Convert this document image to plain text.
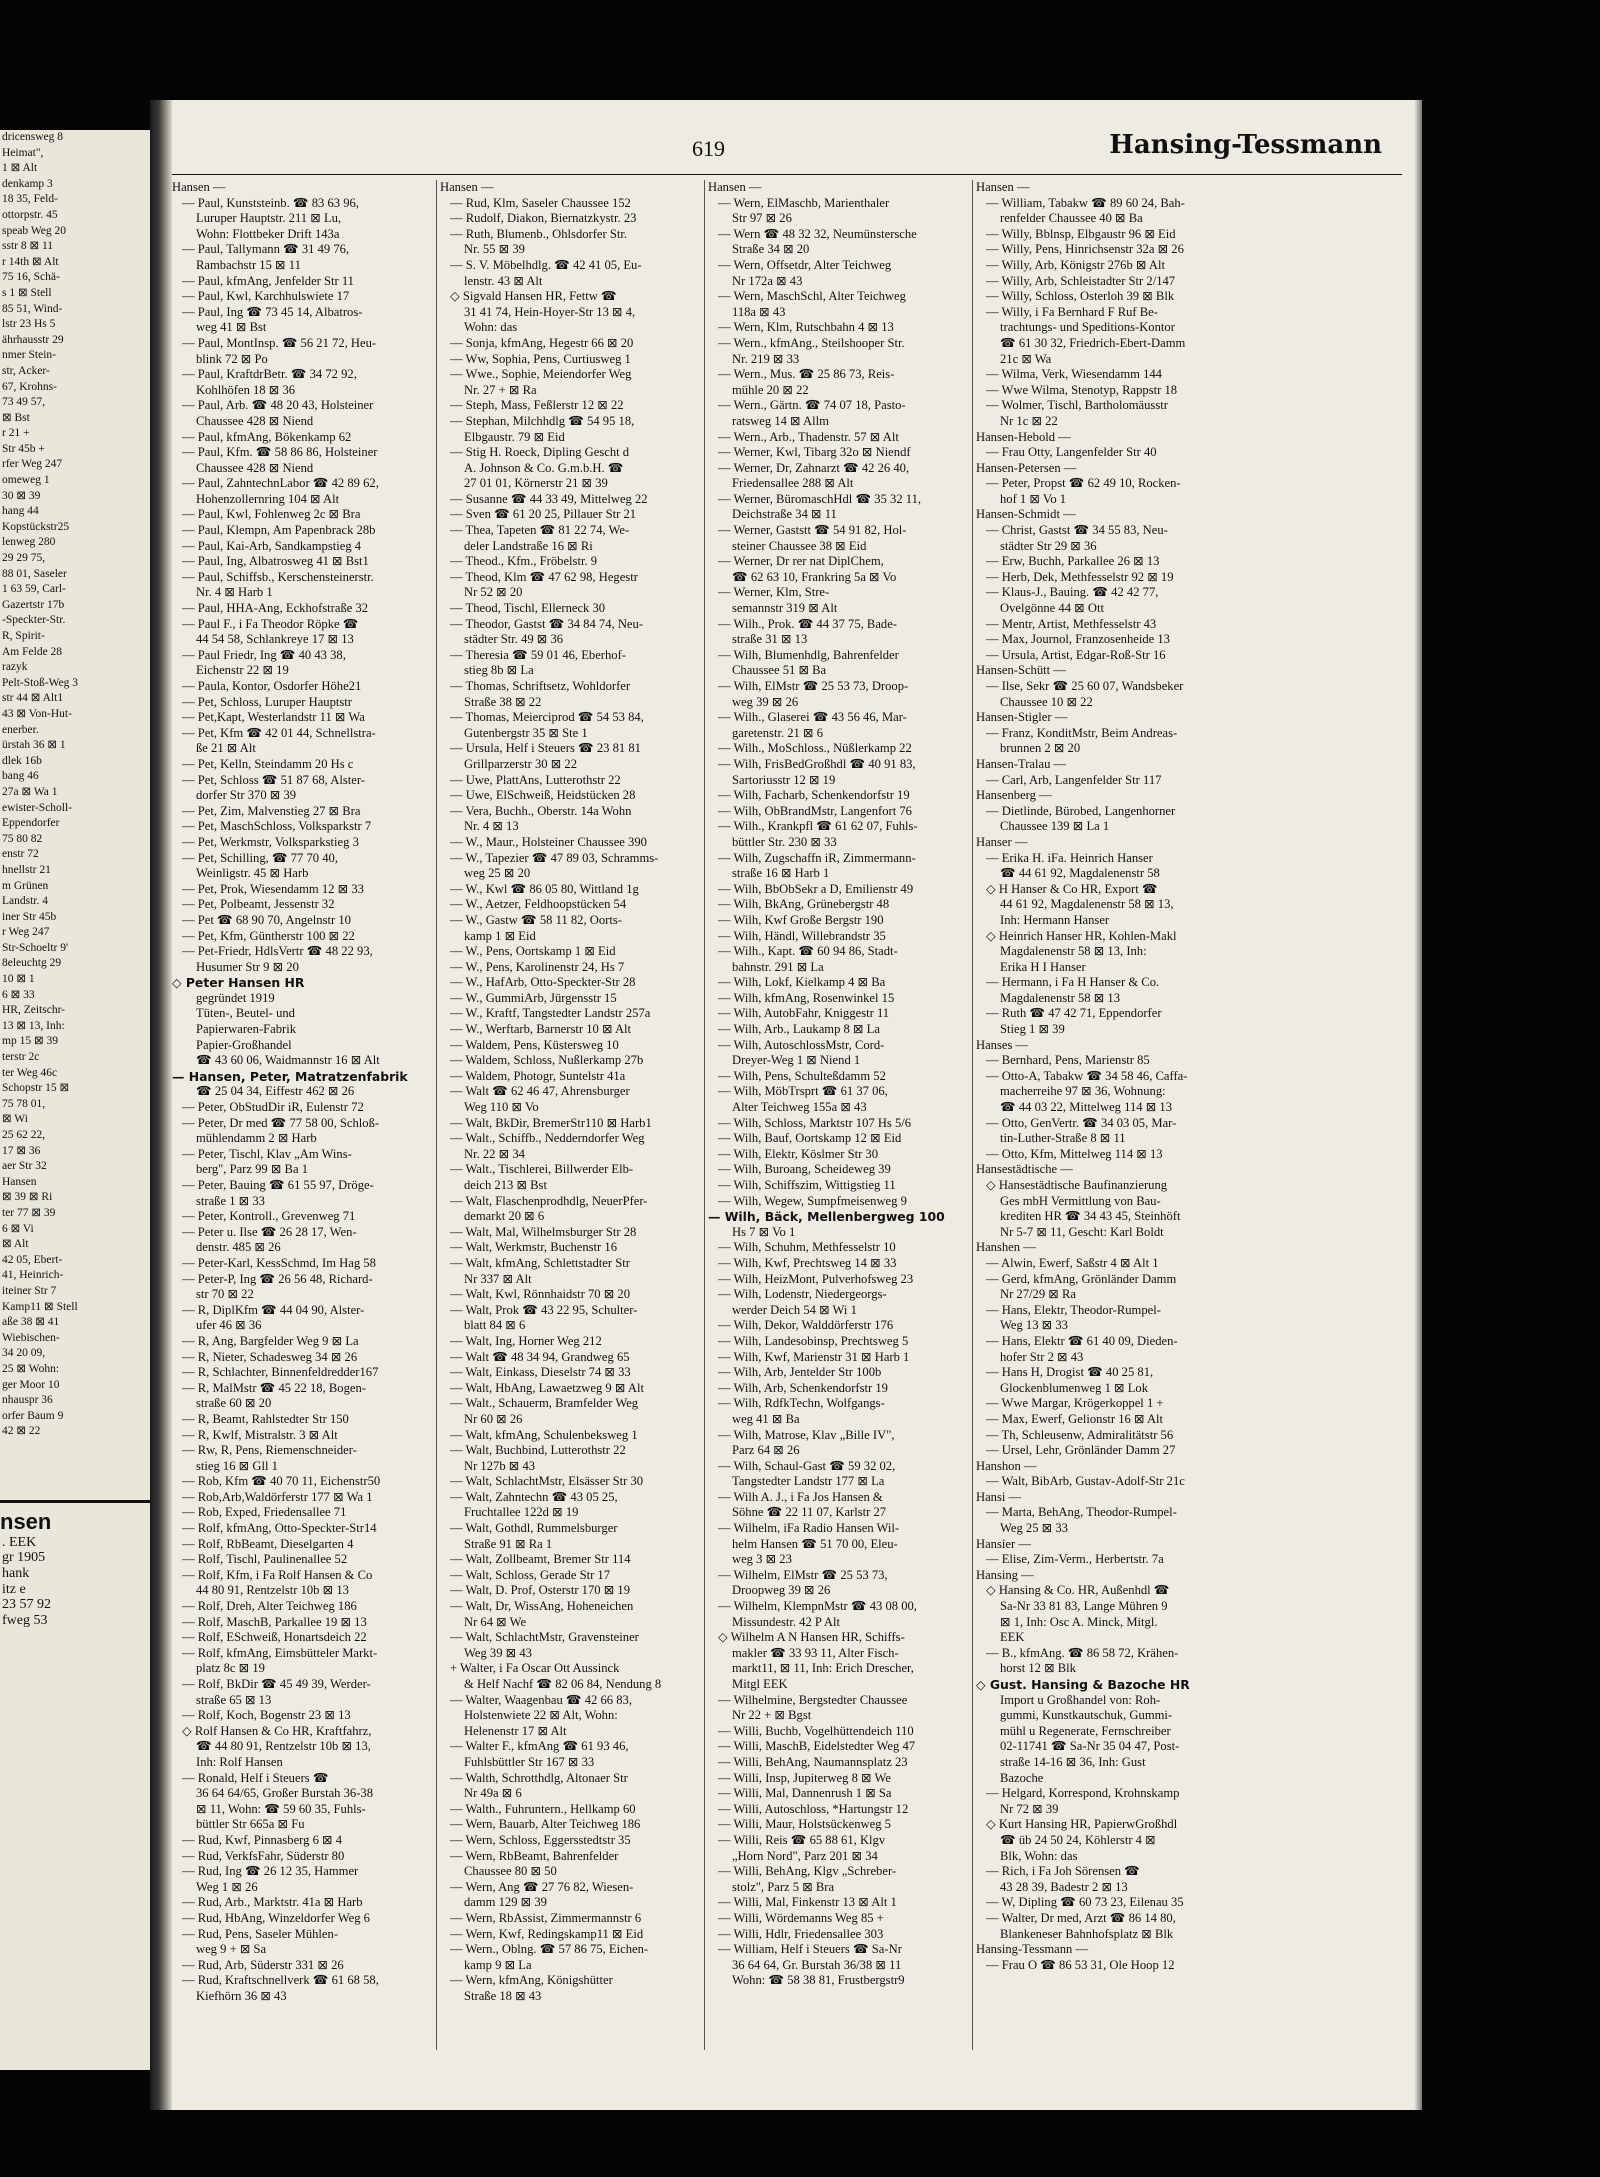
dricensweg 8
Heimat",
1 ⊠ Alt
denkamp 3
18 35, Feld-
ottorpstr. 45
speab Weg 20
sstr 8 ⊠ 11
r 14th ⊠ Alt
75 16, Schä-
s 1 ⊠ Stell
85 51, Wind-
lstr 23 Hs 5
ährhausstr 29
nmer Stein-
str, Acker-
67, Krohns-
73 49 57,
⊠ Bst
r 21 +
Str 45b +
rfer Weg 247
omeweg 1
30 ⊠ 39
hang 44
Kopstückstr25
lenweg 280
29 29 75,
88 01, Saseler
1 63 59, Carl-
Gazertstr 17b
-Speckter-Str.
R, Spirit-
Am Felde 28
razyk
Pelt-Stoß-Weg 3
str 44 ⊠ Alt1
43 ⊠ Von-Hut-
enerber.
ürstah 36 ⊠ 1
dlek 16b
bang 46
27a ⊠ Wa 1
ewister-Scholl-
Eppendorfer
75 80 82
enstr 72
hnellstr 21
m Grünen
Landstr. 4
iner Str 45b
r Weg 247
Str-Schoeltr 9'
8eleuchtg 29
10 ⊠ 1
6 ⊠ 33
HR, Zeitschr-
13 ⊠ 13, Inh:
mp 15 ⊠ 39
terstr 2c
ter Weg 46c
Schopstr 15 ⊠
75 78 01,
⊠ Wi
25 62 22,
17 ⊠ 36
aer Str 32
Hansen
⊠ 39 ⊠ Ri
ter 77 ⊠ 39
6 ⊠ Vi
⊠ Alt
42 05, Ebert-
41, Heinrich-
iteiner Str 7
Kamp11 ⊠ Stell
aße 38 ⊠ 41
Wiebischen-
34 20 09,
25 ⊠ Wohn:
ger Moor 10
nhauspr 36
orfer Baum 9
42 ⊠ 22
nsen
. EEK
gr 1905
hank
itz e
23 57 92
fweg 53
619	Hansing-Tessmann
Hansen —
— Paul, Kunststeinb. ☎ 83 63 96,
Luruper Hauptstr. 211 ⊠ Lu,
Wohn: Flottbeker Drift 143a
— Paul, Tallymann ☎ 31 49 76,
Rambachstr 15 ⊠ 11
— Paul, kfmAng, Jenfelder Str 11
— Paul, Kwl, Karchhulswiete 17
— Paul, Ing ☎ 73 45 14, Albatros-
weg 41 ⊠ Bst
— Paul, MontInsp. ☎ 56 21 72, Heu-
blink 72 ⊠ Po
— Paul, KraftdrBetr. ☎ 34 72 92,
Kohlhöfen 18 ⊠ 36
— Paul, Arb. ☎ 48 20 43, Holsteiner
Chaussee 428 ⊠ Niend
— Paul, kfmAng, Bökenkamp 62
— Paul, Kfm. ☎ 58 86 86, Holsteiner
Chaussee 428 ⊠ Niend
— Paul, ZahntechnLabor ☎ 42 89 62,
Hohenzollernring 104 ⊠ Alt
— Paul, Kwl, Fohlenweg 2c ⊠ Bra
— Paul, Klempn, Am Papenbrack 28b
— Paul, Kai-Arb, Sandkampstieg 4
— Paul, Ing, Albatrosweg 41 ⊠ Bst1
— Paul, Schiffsb., Kerschensteinerstr.
Nr. 4 ⊠ Harb 1
— Paul, HHA-Ang, Eckhofstraße 32
— Paul F., i Fa Theodor Röpke ☎
44 54 58, Schlankreye 17 ⊠ 13
— Paul Friedr, Ing ☎ 40 43 38,
Eichenstr 22 ⊠ 19
— Paula, Kontor, Osdorfer Höhe21
— Pet, Schloss, Luruper Hauptstr
— Pet,Kapt, Westerlandstr 11 ⊠ Wa
— Pet, Kfm ☎ 42 01 44, Schnellstra-
ße 21 ⊠ Alt
— Pet, Kelln, Steindamm 20 Hs c
— Pet, Schloss ☎ 51 87 68, Alster-
dorfer Str 370 ⊠ 39
— Pet, Zim, Malvenstieg 27 ⊠ Bra
— Pet, MaschSchloss, Volksparkstr 7
— Pet, Werkmstr, Volksparkstieg 3
— Pet, Schilling, ☎ 77 70 40,
Weinligstr. 45 ⊠ Harb
— Pet, Prok, Wiesendamm 12 ⊠ 33
— Pet, Polbeamt, Jessenstr 32
— Pet ☎ 68 90 70, Angelnstr 10
— Pet, Kfm, Güntherstr 100 ⊠ 22
— Pet-Friedr, HdlsVertr ☎ 48 22 93,
Husumer Str 9 ⊠ 20
◇ Peter Hansen HR
gegründet 1919
Tüten-, Beutel- und
Papierwaren-Fabrik
Papier-Großhandel
☎ 43 60 06, Waidmannstr 16 ⊠ Alt
— Hansen, Peter, Matratzenfabrik
☎ 25 04 34, Eiffestr 462 ⊠ 26
— Peter, ObStudDir iR, Eulenstr 72
— Peter, Dr med ☎ 77 58 00, Schloß-
mühlendamm 2 ⊠ Harb
— Peter, Tischl, Klav „Am Wins-
berg", Parz 99 ⊠ Ba 1
— Peter, Bauing ☎ 61 55 97, Dröge-
straße 1 ⊠ 33
— Peter, Kontroll., Grevenweg 71
— Peter u. Ilse ☎ 26 28 17, Wen-
denstr. 485 ⊠ 26
— Peter-Karl, KessSchmd, Im Hag 58
— Peter-P, Ing ☎ 26 56 48, Richard-
str 70 ⊠ 22
— R, DiplKfm ☎ 44 04 90, Alster-
ufer 46 ⊠ 36
— R, Ang, Bargfelder Weg 9 ⊠ La
— R, Nieter, Schadesweg 34 ⊠ 26
— R, Schlachter, Binnenfeldredder167
— R, MalMstr ☎ 45 22 18, Bogen-
straße 60 ⊠ 20
— R, Beamt, Rahlstedter Str 150
— R, Kwlf, Mistralstr. 3 ⊠ Alt
— Rw, R, Pens, Riemenschneider-
stieg 16 ⊠ Gll 1
— Rob, Kfm ☎ 40 70 11, Eichenstr50
— Rob,Arb,Waldörferstr 177 ⊠ Wa 1
— Rob, Exped, Friedensallee 71
— Rolf, kfmAng, Otto-Speckter-Str14
— Rolf, RbBeamt, Dieselgarten 4
— Rolf, Tischl, Paulinenallee 52
— Rolf, Kfm, i Fa Rolf Hansen & Co
44 80 91, Rentzelstr 10b ⊠ 13
— Rolf, Dreh, Alter Teichweg 186
— Rolf, MaschB, Parkallee 19 ⊠ 13
— Rolf, ESchweiß, Honartsdeich 22
— Rolf, kfmAng, Eimsbütteler Markt-
platz 8c ⊠ 19
— Rolf, BkDir ☎ 45 49 39, Werder-
straße 65 ⊠ 13
— Rolf, Koch, Bogenstr 23 ⊠ 13
◇ Rolf Hansen & Co HR, Kraftfahrz,
☎ 44 80 91, Rentzelstr 10b ⊠ 13,
Inh: Rolf Hansen
— Ronald, Helf i Steuers ☎
36 64 64/65, Großer Burstah 36-38
⊠ 11, Wohn: ☎ 59 60 35, Fuhls-
büttler Str 665a ⊠ Fu
— Rud, Kwf, Pinnasberg 6 ⊠ 4
— Rud, VerkfsFahr, Süderstr 80
— Rud, Ing ☎ 26 12 35, Hammer
Weg 1 ⊠ 26
— Rud, Arb., Marktstr. 41a ⊠ Harb
— Rud, HbAng, Winzeldorfer Weg 6
— Rud, Pens, Saseler Mühlen-
weg 9 + ⊠ Sa
— Rud, Arb, Süderstr 331 ⊠ 26
— Rud, Kraftschnellverk ☎ 61 68 58,
Kiefhörn 36 ⊠ 43
Hansen —
— Rud, Klm, Saseler Chaussee 152
— Rudolf, Diakon, Biernatzkystr. 23
— Ruth, Blumenb., Ohlsdorfer Str.
Nr. 55 ⊠ 39
— S. V. Möbelhdlg. ☎ 42 41 05, Eu-
lenstr. 43 ⊠ Alt
◇ Sigvald Hansen HR, Fettw ☎
31 41 74, Hein-Hoyer-Str 13 ⊠ 4,
Wohn: das
— Sonja, kfmAng, Hegestr 66 ⊠ 20
— Ww, Sophia, Pens, Curtiusweg 1
— Wwe., Sophie, Meiendorfer Weg
Nr. 27 + ⊠ Ra
— Steph, Mass, Feßlerstr 12 ⊠ 22
— Stephan, Milchhdlg ☎ 54 95 18,
Elbgaustr. 79 ⊠ Eid
— Stig H. Roeck, Dipling Gescht d
A. Johnson & Co. G.m.b.H. ☎
27 01 01, Körnerstr 21 ⊠ 39
— Susanne ☎ 44 33 49, Mittelweg 22
— Sven ☎ 61 20 25, Pillauer Str 21
— Thea, Tapeten ☎ 81 22 74, We-
deler Landstraße 16 ⊠ Ri
— Theod., Kfm., Fröbelstr. 9
— Theod, Klm ☎ 47 62 98, Hegestr
Nr 52 ⊠ 20
— Theod, Tischl, Ellerneck 30
— Theodor, Gastst ☎ 34 84 74, Neu-
städter Str. 49 ⊠ 36
— Theresia ☎ 59 01 46, Eberhof-
stieg 8b ⊠ La
— Thomas, Schriftsetz, Wohldorfer
Straße 38 ⊠ 22
— Thomas, Meierciprod ☎ 54 53 84,
Gutenbergstr 35 ⊠ Ste 1
— Ursula, Helf i Steuers ☎ 23 81 81
Grillparzerstr 30 ⊠ 22
— Uwe, PlattAns, Lutterothstr 22
— Uwe, ElSchweiß, Heidstücken 28
— Vera, Buchh., Oberstr. 14a Wohn
Nr. 4 ⊠ 13
— W., Maur., Holsteiner Chaussee 390
— W., Tapezier ☎ 47 89 03, Schramms-
weg 25 ⊠ 20
— W., Kwl ☎ 86 05 80, Wittland 1g
— W., Aetzer, Feldhoopstücken 54
— W., Gastw ☎ 58 11 82, Oorts-
kamp 1 ⊠ Eid
— W., Pens, Oortskamp 1 ⊠ Eid
— W., Pens, Karolinenstr 24, Hs 7
— W., HafArb, Otto-Speckter-Str 28
— W., GummiArb, Jürgensstr 15
— W., Kraftf, Tangstedter Landstr 257a
— W., Werftarb, Barnerstr 10 ⊠ Alt
— Waldem, Pens, Küstersweg 10
— Waldem, Schloss, Nußlerkamp 27b
— Waldem, Photogr, Suntelstr 41a
— Walt ☎ 62 46 47, Ahrensburger
Weg 110 ⊠ Vo
— Walt, BkDir, BremerStr110 ⊠ Harb1
— Walt., Schiffb., Nedderndorfer Weg
Nr. 22 ⊠ 34
— Walt., Tischlerei, Billwerder Elb-
deich 213 ⊠ Bst
— Walt, Flaschenprodhdlg, NeuerPfer-
demarkt 20 ⊠ 6
— Walt, Mal, Wilhelmsburger Str 28
— Walt, Werkmstr, Buchenstr 16
— Walt, kfmAng, Schlettstadter Str
Nr 337 ⊠ Alt
— Walt, Kwl, Rönnhaidstr 70 ⊠ 20
— Walt, Prok ☎ 43 22 95, Schulter-
blatt 84 ⊠ 6
— Walt, Ing, Horner Weg 212
— Walt ☎ 48 34 94, Grandweg 65
— Walt, Einkass, Dieselstr 74 ⊠ 33
— Walt, HbAng, Lawaetzweg 9 ⊠ Alt
— Walt., Schauerm, Bramfelder Weg
Nr 60 ⊠ 26
— Walt, kfmAng, Schulenbeksweg 1
— Walt, Buchbind, Lutterothstr 22
Nr 127b ⊠ 43
— Walt, SchlachtMstr, Elsässer Str 30
— Walt, Zahntechn ☎ 43 05 25,
Fruchtallee 122d ⊠ 19
— Walt, Gothdl, Rummelsburger
Straße 91 ⊠ Ra 1
— Walt, Zollbeamt, Bremer Str 114
— Walt, Schloss, Gerade Str 17
— Walt, D. Prof, Osterstr 170 ⊠ 19
— Walt, Dr, WissAng, Hoheneichen
Nr 64 ⊠ We
— Walt, SchlachtMstr, Gravensteiner
Weg 39 ⊠ 43
+ Walter, i Fa Oscar Ott Aussinck
& Helf Nachf ☎ 82 06 84, Nendung 8
— Walter, Waagenbau ☎ 42 66 83,
Holstenwiete 22 ⊠ Alt, Wohn:
Helenenstr 17 ⊠ Alt
— Walter F., kfmAng ☎ 61 93 46,
Fuhlsbüttler Str 167 ⊠ 33
— Walth, Schrotthdlg, Altonaer Str
Nr 49a ⊠ 6
— Walth., Fuhruntern., Hellkamp 60
— Wern, Bauarb, Alter Teichweg 186
— Wern, Schloss, Eggersstedtstr 35
— Wern, RbBeamt, Bahrenfelder
Chaussee 80 ⊠ 50
— Wern, Ang ☎ 27 76 82, Wiesen-
damm 129 ⊠ 39
— Wern, RbAssist, Zimmermannstr 6
— Wern, Kwf, Redingskamp11 ⊠ Eid
— Wern., Oblng. ☎ 57 86 75, Eichen-
kamp 9 ⊠ La
— Wern, kfmAng, Königshütter
Straße 18 ⊠ 43
Hansen —
— Wern, ElMaschb, Marienthaler
Str 97 ⊠ 26
— Wern ☎ 48 32 32, Neumünstersche
Straße 34 ⊠ 20
— Wern, Offsetdr, Alter Teichweg
Nr 172a ⊠ 43
— Wern, MaschSchl, Alter Teichweg
118a ⊠ 43
— Wern, Klm, Rutschbahn 4 ⊠ 13
— Wern., kfmAng., Steilshooper Str.
Nr. 219 ⊠ 33
— Wern., Mus. ☎ 25 86 73, Reis-
mühle 20 ⊠ 22
— Wern., Gärtn. ☎ 74 07 18, Pasto-
ratsweg 14 ⊠ Allm
— Wern., Arb., Thadenstr. 57 ⊠ Alt
— Werner, Kwl, Tibarg 32o ⊠ Niendf
— Werner, Dr, Zahnarzt ☎ 42 26 40,
Friedensallee 288 ⊠ Alt
— Werner, BüromaschHdl ☎ 35 32 11,
Deichstraße 34 ⊠ 11
— Werner, Gaststt ☎ 54 91 82, Hol-
steiner Chaussee 38 ⊠ Eid
— Werner, Dr rer nat DiplChem,
☎ 62 63 10, Frankring 5a ⊠ Vo
— Werner, Klm, Stre-
semannstr 319 ⊠ Alt
— Wilh., Prok. ☎ 44 37 75, Bade-
straße 31 ⊠ 13
— Wilh, Blumenhdlg, Bahrenfelder
Chaussee 51 ⊠ Ba
— Wilh, ElMstr ☎ 25 53 73, Droop-
weg 39 ⊠ 26
— Wilh., Glaserei ☎ 43 56 46, Mar-
garetenstr. 21 ⊠ 6
— Wilh., MoSchloss., Nüßlerkamp 22
— Wilh, FrisBedGroßhdl ☎ 40 91 83,
Sartoriusstr 12 ⊠ 19
— Wilh, Facharb, Schenkendorfstr 19
— Wilh, ObBrandMstr, Langenfort 76
— Wilh., Krankpfl ☎ 61 62 07, Fuhls-
büttler Str. 230 ⊠ 33
— Wilh, Zugschaffn iR, Zimmermann-
straße 16 ⊠ Harb 1
— Wilh, BbObSekr a D, Emilienstr 49
— Wilh, BkAng, Grünebergstr 48
— Wilh, Kwf Große Bergstr 190
— Wilh, Händl, Willebrandstr 35
— Wilh., Kapt. ☎ 60 94 86, Stadt-
bahnstr. 291 ⊠ La
— Wilh, Lokf, Kielkamp 4 ⊠ Ba
— Wilh, kfmAng, Rosenwinkel 15
— Wilh, AutobFahr, Kniggestr 11
— Wilh, Arb., Laukamp 8 ⊠ La
— Wilh, AutoschlossMstr, Cord-
Dreyer-Weg 1 ⊠ Niend 1
— Wilh, Pens, Schulteßdamm 52
— Wilh, MöbTrsprt ☎ 61 37 06,
Alter Teichweg 155a ⊠ 43
— Wilh, Schloss, Marktstr 107 Hs 5/6
— Wilh, Bauf, Oortskamp 12 ⊠ Eid
— Wilh, Elektr, Köslmer Str 30
— Wilh, Buroang, Scheideweg 39
— Wilh, Schiffszim, Wittigstieg 11
— Wilh, Wegew, Sumpfmeisenweg 9
— Wilh, Bäck, Mellenbergweg 100
Hs 7 ⊠ Vo 1
— Wilh, Schuhm, Methfesselstr 10
— Wilh, Kwf, Prechtsweg 14 ⊠ 33
— Wilh, HeizMont, Pulverhofsweg 23
— Wilh, Lodenstr, Niedergeorgs-
werder Deich 54 ⊠ Wi 1
— Wilh, Dekor, Walddörferstr 176
— Wilh, Landesobinsp, Prechtsweg 5
— Wilh, Kwf, Marienstr 31 ⊠ Harb 1
— Wilh, Arb, Jentelder Str 100b
— Wilh, Arb, Schenkendorfstr 19
— Wilh, RdfkTechn, Wolfgangs-
weg 41 ⊠ Ba
— Wilh, Matrose, Klav „Bille IV",
Parz 64 ⊠ 26
— Wilh, Schaul-Gast ☎ 59 32 02,
Tangstedter Landstr 177 ⊠ La
— Wilh A. J., i Fa Jos Hansen &
Söhne ☎ 22 11 07, Karlstr 27
— Wilhelm, iFa Radio Hansen Wil-
helm Hansen ☎ 51 70 00, Eleu-
weg 3 ⊠ 23
— Wilhelm, ElMstr ☎ 25 53 73,
Droopweg 39 ⊠ 26
— Wilhelm, KlempnMstr ☎ 43 08 00,
Missundestr. 42 P Alt
◇ Wilhelm A N Hansen HR, Schiffs-
makler ☎ 33 93 11, Alter Fisch-
markt11, ⊠ 11, Inh: Erich Drescher,
Mitgl EEK
— Wilhelmine, Bergstedter Chaussee
Nr 22 + ⊠ Bgst
— Willi, Buchb, Vogelhüttendeich 110
— Willi, MaschB, Eidelstedter Weg 47
— Willi, BehAng, Naumannsplatz 23
— Willi, Insp, Jupiterweg 8 ⊠ We
— Willi, Mal, Dannenrush 1 ⊠ Sa
— Willi, Autoschloss, *Hartungstr 12
— Willi, Maur, Holstsückenweg 5
— Willi, Reis ☎ 65 88 61, Klgv
„Horn Nord", Parz 201 ⊠ 34
— Willi, BehAng, Klgv „Schreber-
stolz", Parz 5 ⊠ Bra
— Willi, Mal, Finkenstr 13 ⊠ Alt 1
— Willi, Wördemanns Weg 85 +
— Willi, Hdlr, Friedensallee 303
— William, Helf i Steuers ☎ Sa-Nr
36 64 64, Gr. Burstah 36/38 ⊠ 11
Wohn: ☎ 58 38 81, Frustbergstr9
Hansen —
— William, Tabakw ☎ 89 60 24, Bah-
renfelder Chaussee 40 ⊠ Ba
— Willy, Bblnsp, Elbgaustr 96 ⊠ Eid
— Willy, Pens, Hinrichsenstr 32a ⊠ 26
— Willy, Arb, Königstr 276b ⊠ Alt
— Willy, Arb, Schleistadter Str 2/147
— Willy, Schloss, Osterloh 39 ⊠ Blk
— Willy, i Fa Bernhard F Ruf Be-
trachtungs- und Speditions-Kontor
☎ 61 30 32, Friedrich-Ebert-Damm
21c ⊠ Wa
— Wilma, Verk, Wiesendamm 144
— Wwe Wilma, Stenotyp, Rappstr 18
— Wolmer, Tischl, Bartholomäusstr
Nr 1c ⊠ 22
Hansen-Hebold —
— Frau Otty, Langenfelder Str 40
Hansen-Petersen —
— Peter, Propst ☎ 62 49 10, Rocken-
hof 1 ⊠ Vo 1
Hansen-Schmidt —
— Christ, Gastst ☎ 34 55 83, Neu-
städter Str 29 ⊠ 36
— Erw, Buchh, Parkallee 26 ⊠ 13
— Herb, Dek, Methfesselstr 92 ⊠ 19
— Klaus-J., Bauing. ☎ 42 42 77,
Ovelgönne 44 ⊠ Ott
— Mentr, Artist, Methfesselstr 43
— Max, Journol, Franzosenheide 13
— Ursula, Artist, Edgar-Roß-Str 16
Hansen-Schütt —
— Ilse, Sekr ☎ 25 60 07, Wandsbeker
Chaussee 10 ⊠ 22
Hansen-Stigler —
— Franz, KonditMstr, Beim Andreas-
brunnen 2 ⊠ 20
Hansen-Tralau —
— Carl, Arb, Langenfelder Str 117
Hansenberg —
— Dietlinde, Bürobed, Langenhorner
Chaussee 139 ⊠ La 1
Hanser —
— Erika H. iFa. Heinrich Hanser
☎ 44 61 92, Magdalenenstr 58
◇ H Hanser & Co HR, Export ☎
44 61 92, Magdalenenstr 58 ⊠ 13,
Inh: Hermann Hanser
◇ Heinrich Hanser HR, Kohlen-Makl
Magdalenenstr 58 ⊠ 13, Inh:
Erika H I Hanser
— Hermann, i Fa H Hanser & Co.
Magdalenenstr 58 ⊠ 13
— Ruth ☎ 47 42 71, Eppendorfer
Stieg 1 ⊠ 39
Hanses —
— Bernhard, Pens, Marienstr 85
— Otto-A, Tabakw ☎ 34 58 46, Caffa-
macherreihe 97 ⊠ 36, Wohnung:
☎ 44 03 22, Mittelweg 114 ⊠ 13
— Otto, GenVertr. ☎ 34 03 05, Mar-
tin-Luther-Straße 8 ⊠ 11
— Otto, Kfm, Mittelweg 114 ⊠ 13
Hansestädtische —
◇ Hansestädtische Baufinanzierung
Ges mbH Vermittlung von Bau-
krediten HR ☎ 34 43 45, Steinhöft
Nr 5-7 ⊠ 11, Gescht: Karl Boldt
Hanshen —
— Alwin, Ewerf, Saßstr 4 ⊠ Alt 1
— Gerd, kfmAng, Grönländer Damm
Nr 27/29 ⊠ Ra
— Hans, Elektr, Theodor-Rumpel-
Weg 13 ⊠ 33
— Hans, Elektr ☎ 61 40 09, Dieden-
hofer Str 2 ⊠ 43
— Hans H, Drogist ☎ 40 25 81,
Glockenblumenweg 1 ⊠ Lok
— Wwe Margar, Krögerkoppel 1 +
— Max, Ewerf, Gelionstr 16 ⊠ Alt
— Th, Schleusenw, Admiralitätstr 56
— Ursel, Lehr, Grönländer Damm 27
Hanshon —
— Walt, BibArb, Gustav-Adolf-Str 21c
Hansi —
— Marta, BehAng, Theodor-Rumpel-
Weg 25 ⊠ 33
Hansier —
— Elise, Zim-Verm., Herbertstr. 7a
Hansing —
◇ Hansing & Co. HR, Außenhdl ☎
Sa-Nr 33 81 83, Lange Mühren 9
⊠ 1, Inh: Osc A. Minck, Mitgl.
EEK
— B., kfmAng. ☎ 86 58 72, Krähen-
horst 12 ⊠ Blk
◇ Gust. Hansing & Bazoche HR
Import u Großhandel von: Roh-
gummi, Kunstkautschuk, Gummi-
mühl u Regenerate, Fernschreiber
02-11741 ☎ Sa-Nr 35 04 47, Post-
straße 14-16 ⊠ 36, Inh: Gust
Bazoche
— Helgard, Korrespond, Krohnskamp
Nr 72 ⊠ 39
◇ Kurt Hansing HR, PapierwGroßhdl
☎ üb 24 50 24, Köhlerstr 4 ⊠
Blk, Wohn: das
— Rich, i Fa Joh Sörensen ☎
43 28 39, Badestr 2 ⊠ 13
— W, Dipling ☎ 60 73 23, Eilenau 35
— Walter, Dr med, Arzt ☎ 86 14 80,
Blankeneser Bahnhofsplatz ⊠ Blk
Hansing-Tessmann —
— Frau O ☎ 86 53 31, Ole Hoop 12
